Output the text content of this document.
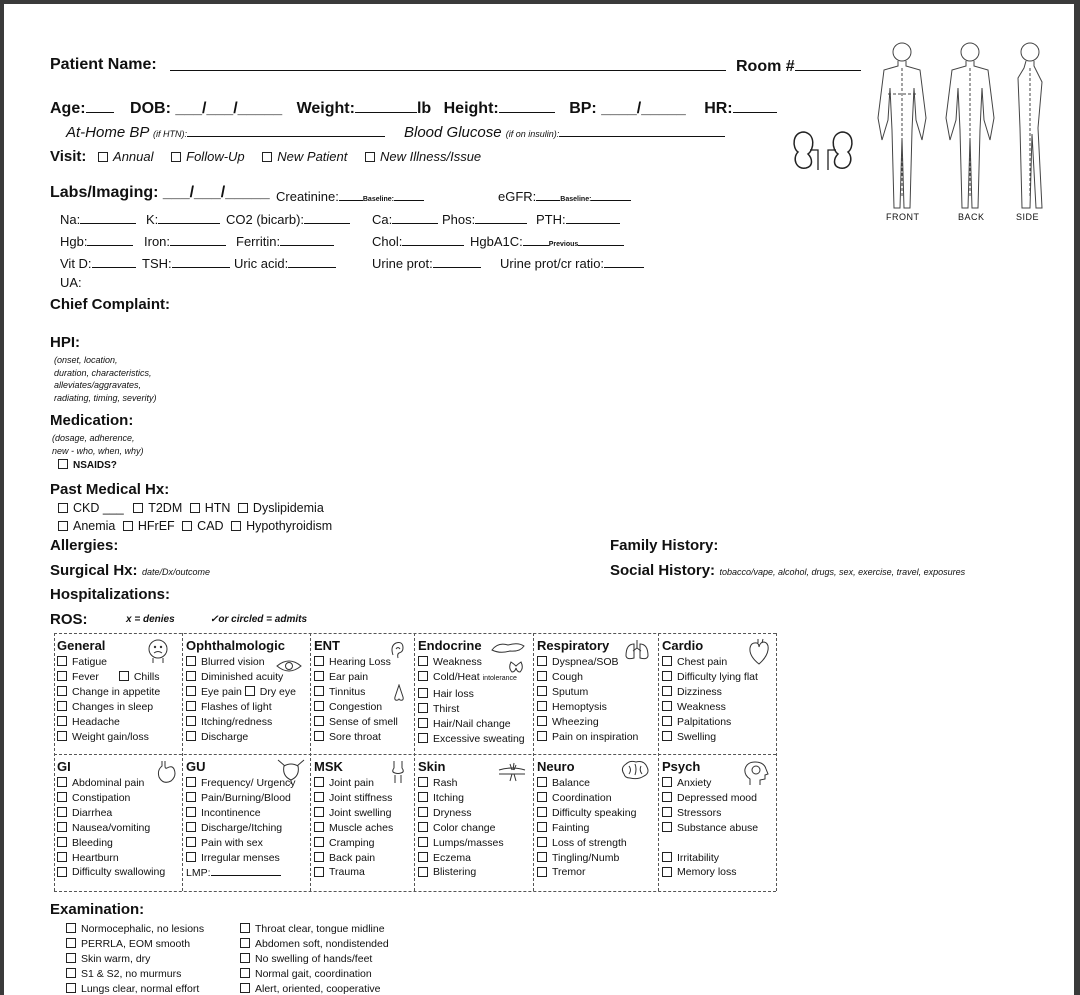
Patient Name:	Room #
Age:	DOB: ___/___/_____ Weight:	lb Height:	BP: ____/_____ HR:
At-Home BP (if HTN):	Blood Glucose (if on insulin):
Visit: Annual	Follow-Up	New Patient	New Illness/Issue
FRONT	BACK	SIDE
Labs/Imaging: ___/___/_____ Creatinine:	Baseline:	eGFR:	Baseline:
Na:	K:	CO2 (bicarb):	Ca:	Phos:	PTH:
Hgb:	Iron:	Ferritin:	Chol:	HgbA1C:	Previous
Vit D:	TSH:	Uric acid:	Urine prot:	Urine prot/cr ratio:
UA:
Chief Complaint:
HPI:
(onset, location,
duration, characteristics,
alleviates/aggravates,
radiating, timing, severity)
Medication:
(dosage, adherence,
new - who, when, why)
NSAIDS?
Past Medical Hx:
CKD ___ T2DM HTN Dyslipidemia
Anemia HFrEF CAD Hypothyroidism
Allergies:
Surgical Hx: date/Dx/outcome
Hospitalizations:
Family History:
Social History: tobacco/vape, alcohol, drugs, sex, exercise, travel, exposures
ROS:	x = denies	✓or circled = admits
General
Fatigue
Fever	Chills
Change in appetite
Changes in sleep
Headache
Weight gain/loss
Ophthalmologic
Blurred vision
Diminished acuity
Eye pain Dry eye
Flashes of light
Itching/redness
Discharge
ENT
Hearing Loss
Ear pain
Tinnitus
Congestion
Sense of smell
Sore throat
Endocrine
Weakness
Cold/Heat intolerance
Hair loss
Thirst
Hair/Nail change
Excessive sweating
Respiratory
Dyspnea/SOB
Cough
Sputum
Hemoptysis
Wheezing
Pain on inspiration
Cardio
Chest pain
Difficulty lying flat
Dizziness
Weakness
Palpitations
Swelling
GI
Abdominal pain
Constipation
Diarrhea
Nausea/vomiting
Bleeding
Heartburn
Difficulty swallowing
GU
Frequency/ Urgency
Pain/Burning/Blood
Incontinence
Discharge/Itching
Pain with sex
Irregular menses
LMP:
MSK
Joint pain
Joint stiffness
Joint swelling
Muscle aches
Cramping
Back pain
Trauma
Skin
Rash
Itching
Dryness
Color change
Lumps/masses
Eczema
Blistering
Neuro
Balance
Coordination
Difficulty speaking
Fainting
Loss of strength
Tingling/Numb
Tremor
Psych
Anxiety
Depressed mood
Stressors
Substance abuse

Irritability
Memory loss
Examination:
Normocephalic, no lesions
PERRLA, EOM smooth
Skin warm, dry
S1 & S2, no murmurs
Lungs clear, normal effort
Throat clear, tongue midline
Abdomen soft, nondistended
No swelling of hands/feet
Normal gait, coordination
Alert, oriented, cooperative
